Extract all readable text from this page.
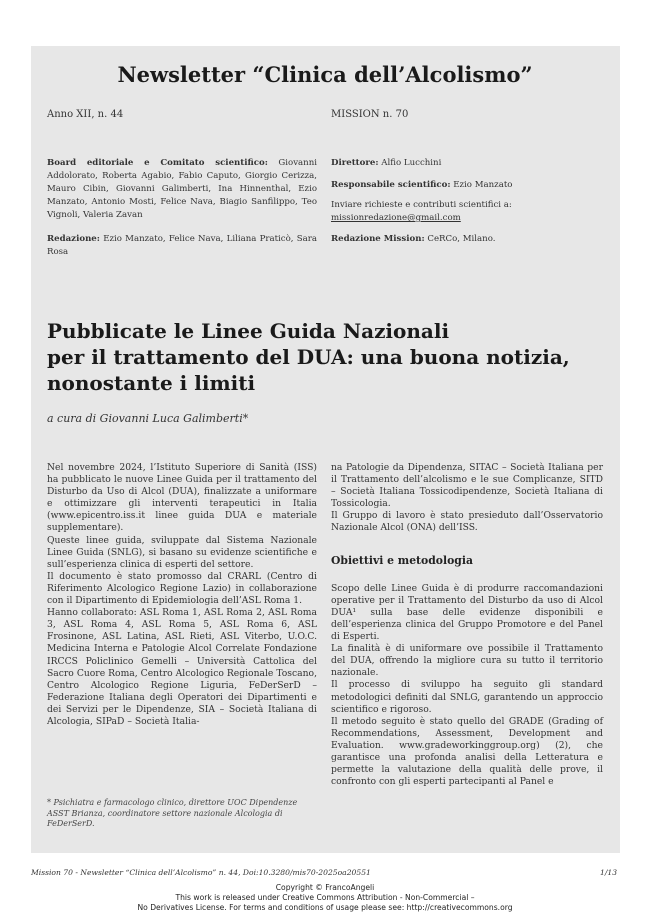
Newsletter “Clinica dell’Alcolismo”
Anno XII, n. 44	MISSION n. 70
Board editoriale e Comitato scientifico: Giovanni Addolorato, Roberta Agabio, Fabio Caputo, Giorgio Cerizza, Mauro Cibin, Giovanni Galimberti, Ina Hinnenthal, Ezio Manzato, Antonio Mosti, Felice Nava, Biagio Sanfilippo, Teo Vignoli, Valeria Zavan
Redazione: Ezio Manzato, Felice Nava, Liliana Praticò, Sara Rosa
Direttore: Alfio Lucchini
Responsabile scientifico: Ezio Manzato
Inviare richieste e contributi scientifici a:
missionredazione@gmail.com
Redazione Mission: CeRCo, Milano.
Pubblicate le Linee Guida Nazionali
per il trattamento del DUA: una buona notizia,
nonostante i limiti
a cura di Giovanni Luca Galimberti*

Nel novembre 2024, l’Istituto Superiore di Sanità (ISS) ha pubblicato le nuove Linee Guida per il trattamento del Disturbo da Uso di Alcol (DUA), finalizzate a uniformare e ottimizzare gli interventi terapeutici in Italia (www.epicentro.iss.it linee guida DUA e materiale supplementare).

Queste linee guida, sviluppate dal Sistema Nazionale Linee Guida (SNLG), si basano su evidenze scientifiche e sull’esperienza clinica di esperti del settore.

Il documento è stato promosso dal CRARL (Centro di Riferimento Alcologico Regione Lazio) in collaborazione con il Dipartimento di Epidemiologia dell’ASL Roma 1.

Hanno collaborato: ASL Roma 1, ASL Roma 2, ASL Roma 3, ASL Roma 4, ASL Roma 5, ASL Roma 6, ASL Frosinone, ASL Latina, ASL Rieti, ASL Viterbo, U.O.C. Medicina Interna e Patologie Alcol Correlate Fondazione IRCCS Policlinico Gemelli – Università Cattolica del Sacro Cuore Roma, Centro Alcologico Regionale Toscano, Centro Alcologico Regione Liguria, FeDerSerD – Federazione Italiana degli Operatori dei Dipartimenti e dei Servizi per le Dipendenze, SIA – Società Italiana di Alcologia, SIPaD – Società Italia-

* Psichiatra e farmacologo clinico, direttore UOC Dipendenze ASST Brianza, coordinatore settore nazionale Alcologia di FeDerSerD.

na Patologie da Dipendenza, SITAC – Società Italiana per il Trattamento dell’alcolismo e le sue Complicanze, SITD – Società Italiana Tossicodipendenze, Società Italiana di Tossicologia.

Il Gruppo di lavoro è stato presieduto dall’Osservatorio Nazionale Alcol (ONA) dell’ISS.

Obiettivi e metodologia

Scopo delle Linee Guida è di produrre raccomandazioni operative per il Trattamento del Disturbo da uso di Alcol DUA¹ sulla base delle evidenze disponibili e dell’esperienza clinica del Gruppo Promotore e del Panel di Esperti.

La finalità è di uniformare ove possibile il Trattamento del DUA, offrendo la migliore cura su tutto il territorio nazionale.

Il processo di sviluppo ha seguito gli standard metodologici definiti dal SNLG, garantendo un approccio scientifico e rigoroso.

Il metodo seguito è stato quello del GRADE (Grading of Recommendations, Assessment, Development and Evaluation. www.gradeworkinggroup.org) (2), che garantisce una profonda analisi della Letteratura e permette la valutazione della qualità delle prove, il confronto con gli esperti partecipanti al Panel e

Mission 70 - Newsletter “Clinica dell’Alcolismo” n. 44, Doi:10.3280/mis70-2025oa20551	1/13
Copyright © FrancoAngeli
This work is released under Creative Commons Attribution - Non-Commercial –
No Derivatives License. For terms and conditions of usage please see: http://creativecommons.org
